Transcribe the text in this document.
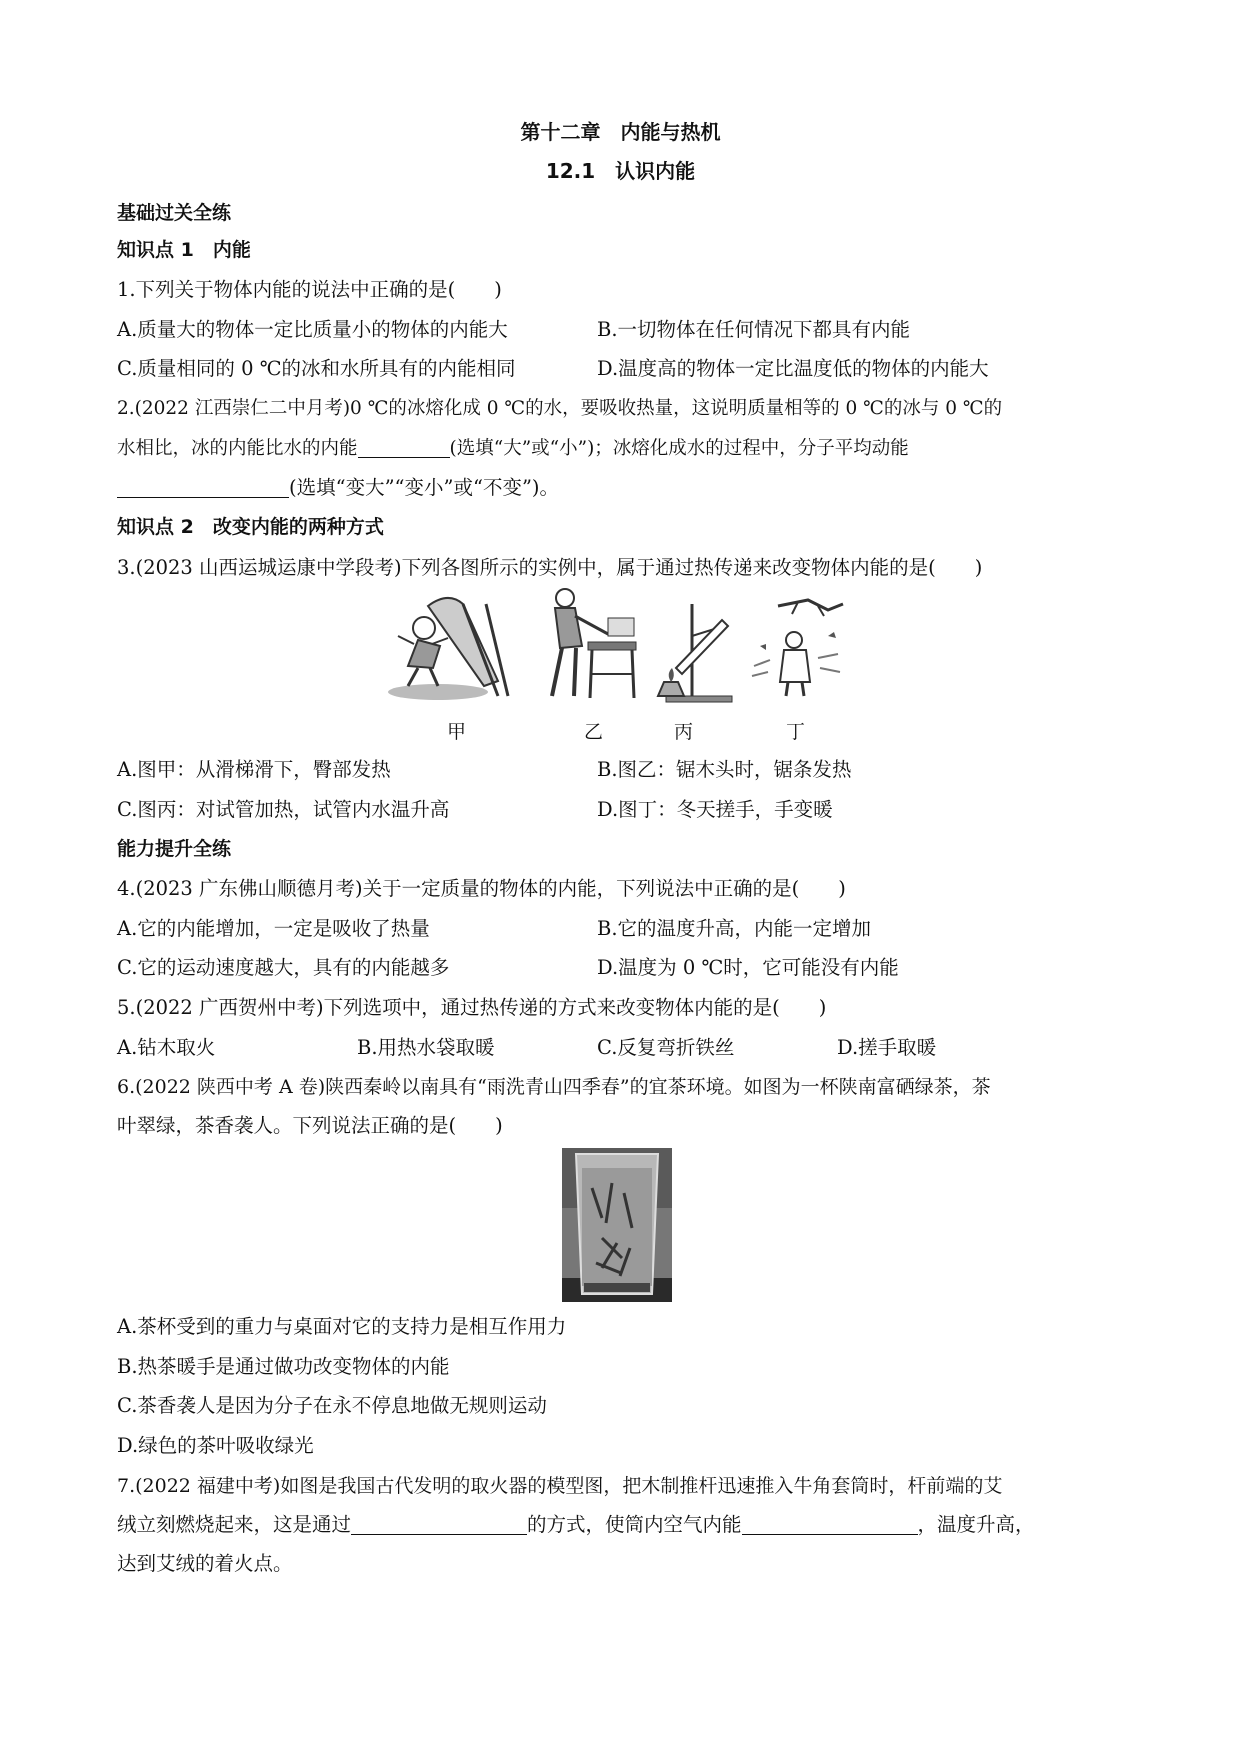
第十二章　内能与热机
12.1　认识内能
基础过关全练
知识点 1　内能
1.下列关于物体内能的说法中正确的是(　　)
A.质量大的物体一定比质量小的物体的内能大	B.一切物体在任何情况下都具有内能
C.质量相同的 0 ℃的冰和水所具有的内能相同	D.温度高的物体一定比温度低的物体的内能大
2.(2022 江西崇仁二中月考)0 ℃的冰熔化成 0 ℃的水，要吸收热量，这说明质量相等的 0 ℃的冰与 0 ℃的
水相比，冰的内能比水的内能	(选填“大”或“小”)；冰熔化成水的过程中，分子平均动能
(选填“变大”“变小”或“不变”)。
知识点 2　改变内能的两种方式
3.(2023 山西运城运康中学段考)下列各图所示的实例中，属于通过热传递来改变物体内能的是(　　)
甲	乙	丙	丁
A.图甲：从滑梯滑下，臀部发热	B.图乙：锯木头时，锯条发热
C.图丙：对试管加热，试管内水温升高	D.图丁：冬天搓手，手变暖
能力提升全练
4.(2023 广东佛山顺德月考)关于一定质量的物体的内能，下列说法中正确的是(　　)
A.它的内能增加，一定是吸收了热量	B.它的温度升高，内能一定增加
C.它的运动速度越大，具有的内能越多	D.温度为 0 ℃时，它可能没有内能
5.(2022 广西贺州中考)下列选项中，通过热传递的方式来改变物体内能的是(　　)
A.钻木取火	B.用热水袋取暖	C.反复弯折铁丝	D.搓手取暖
6.(2022 陕西中考 A 卷)陕西秦岭以南具有“雨洗青山四季春”的宜茶环境。如图为一杯陕南富硒绿茶，茶
叶翠绿，茶香袭人。下列说法正确的是(　　)
A.茶杯受到的重力与桌面对它的支持力是相互作用力
B.热茶暖手是通过做功改变物体的内能
C.茶香袭人是因为分子在永不停息地做无规则运动
D.绿色的茶叶吸收绿光
7.(2022 福建中考)如图是我国古代发明的取火器的模型图，把木制推杆迅速推入牛角套筒时，杆前端的艾
绒立刻燃烧起来，这是通过	的方式，使筒内空气内能	，温度升高，
达到艾绒的着火点。
